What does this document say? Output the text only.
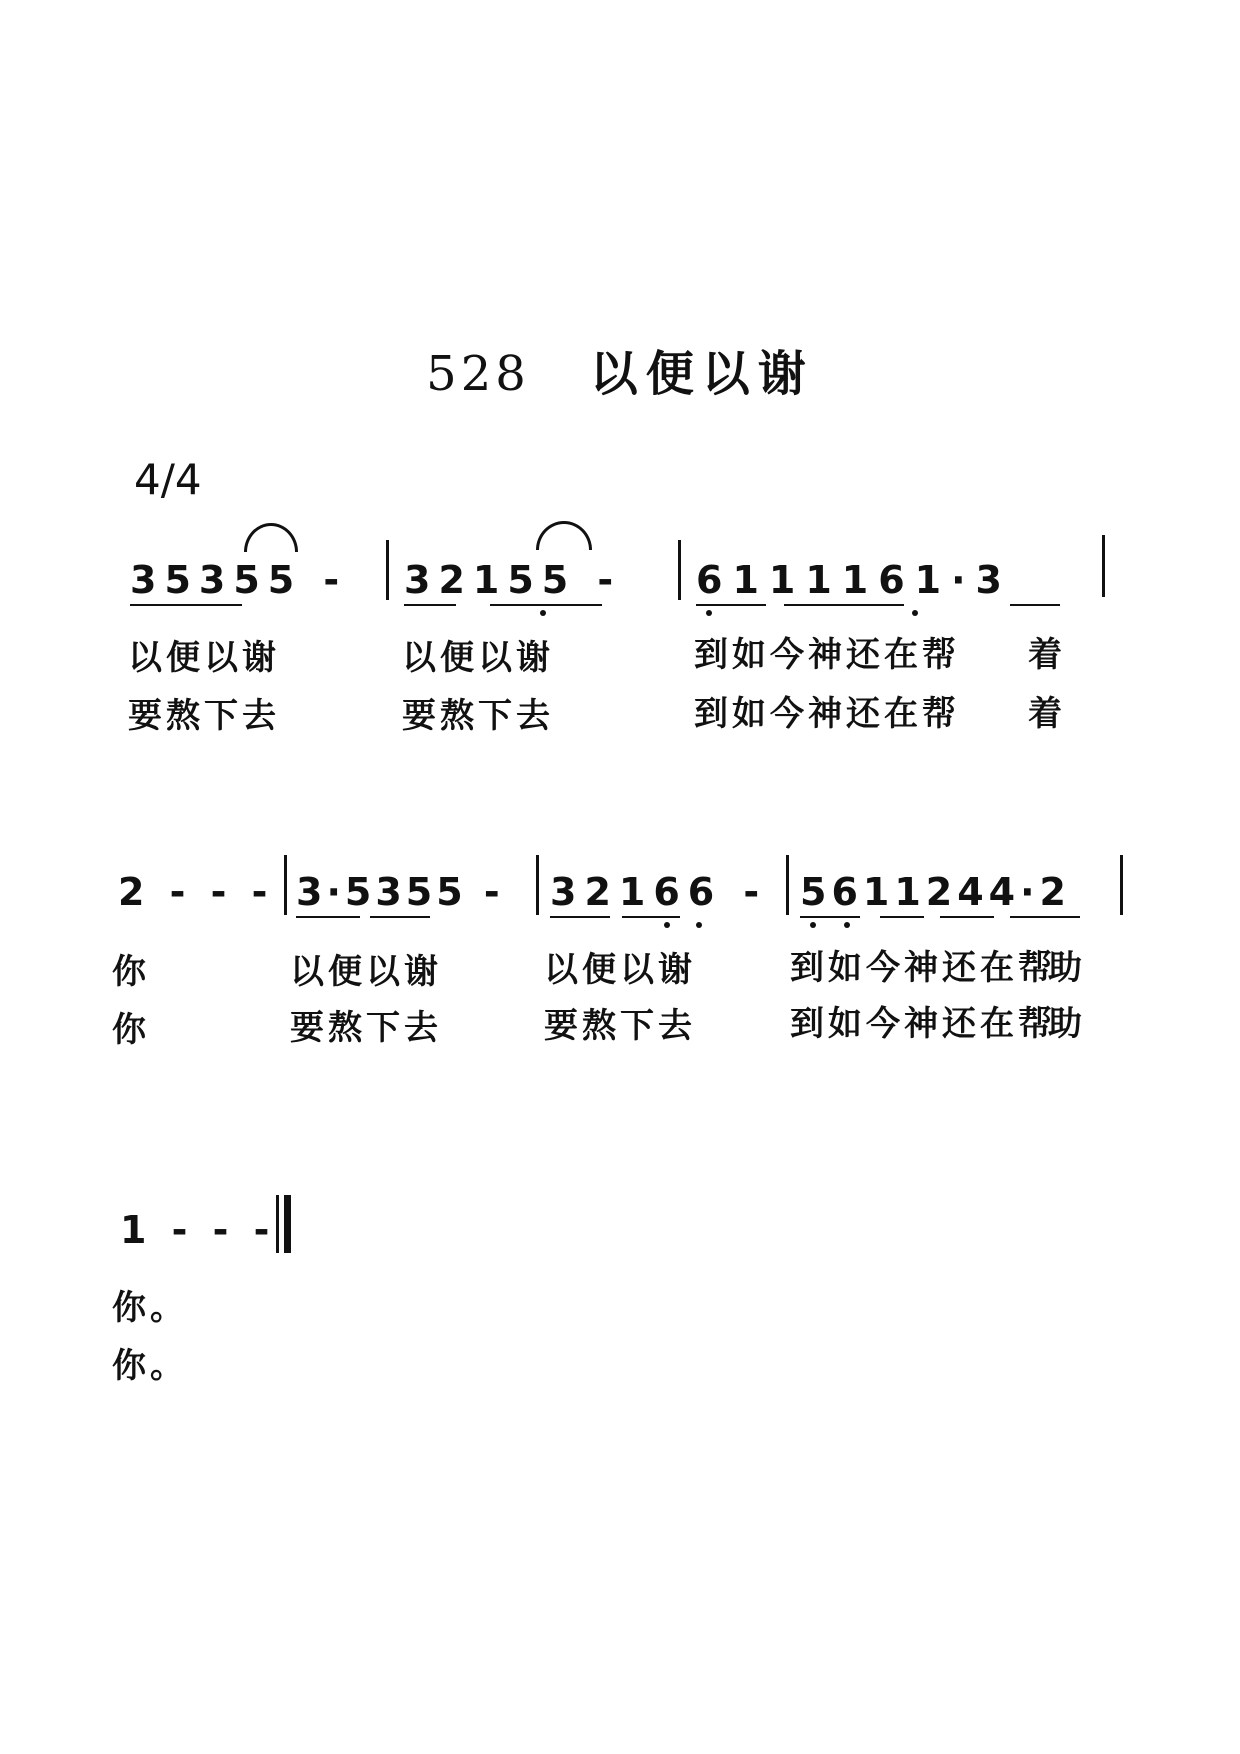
528 以便以谢
4/4
35355 - 32155 - 6111161·3
以便以谢	以便以谢	到如今神还在帮 着
要熬下去	要熬下去	到如今神还在帮 着
2 - - - 3·5355 - 32166 - 5611244·2
你	以便以谢	以便以谢	到如今神还在帮
助
你	要熬下去	要熬下去	到如今神还在帮
助
1 - - -
你。
你。
